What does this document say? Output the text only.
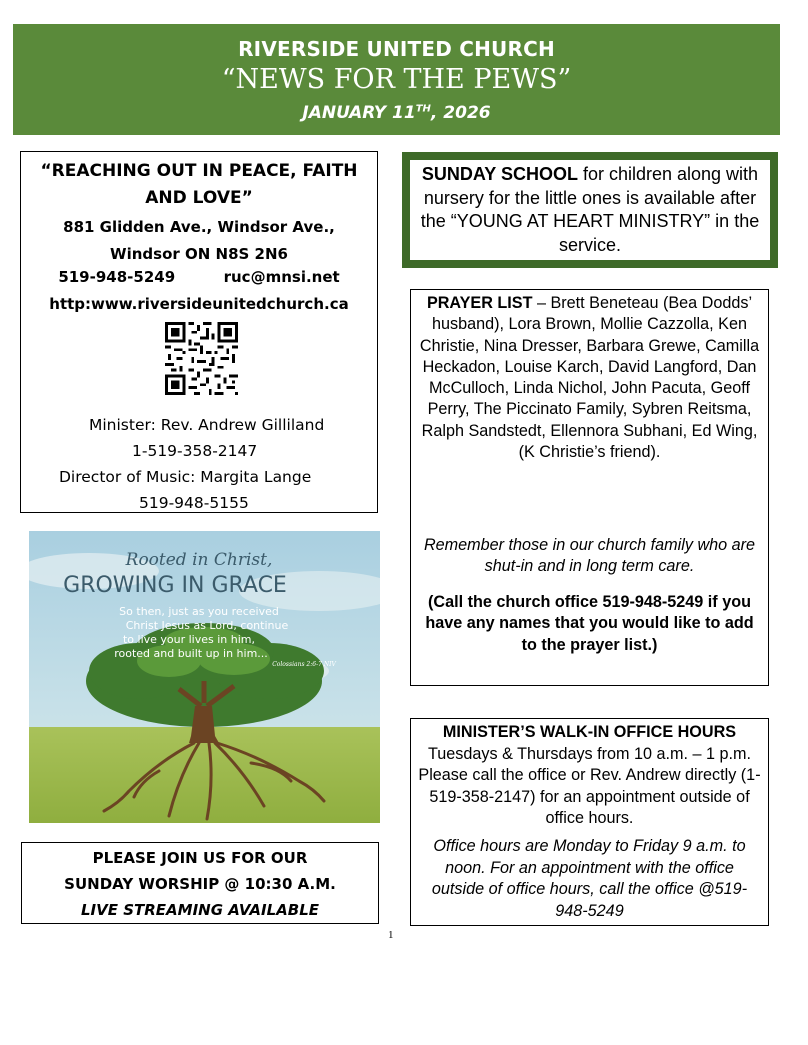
RIVERSIDE UNITED CHURCH
“NEWS FOR THE PEWS”
JANUARY 11TH, 2026
“REACHING OUT IN PEACE, FAITH
AND LOVE”
881 Glidden Ave., Windsor Ave.,
Windsor ON N8S 2N6
519-948-5249	ruc@mnsi.net
http:www.riversideunitedchurch.ca
Minister: Rev. Andrew Gilliland
1-519-358-2147
Director of Music: Margita Lange
519-948-5155
Rooted in Christ,
GROWING IN GRACE
So then, just as you received
Christ Jesus as Lord, continue
to live your lives in him,
rooted and built up in him...
Colossians 2:6-7 NIV
PLEASE JOIN US FOR OUR
SUNDAY WORSHIP @ 10:30 A.M.
LIVE STREAMING AVAILABLE
SUNDAY SCHOOL for children along with nursery for the little ones is available after the “YOUNG AT HEART MINISTRY” in the service.
PRAYER LIST – Brett Beneteau (Bea Dodds’ husband), Lora Brown, Mollie Cazzolla, Ken Christie, Nina Dresser, Barbara Grewe, Camilla Heckadon, Louise Karch, David Langford, Dan McCulloch, Linda Nichol, John Pacuta, Geoff Perry, The Piccinato Family, Sybren Reitsma, Ralph Sandstedt, Ellennora Subhani, Ed Wing, (K Christie’s friend).
Remember those in our church family who are shut-in and in long term care.
(Call the church office 519-948-5249 if you have any names that you would like to add to the prayer list.)
MINISTER’S WALK-IN OFFICE HOURS
Tuesdays & Thursdays from 10 a.m. – 1 p.m. Please call the office or Rev. Andrew directly (1-519-358-2147) for an appointment outside of office hours.
Office hours are Monday to Friday 9 a.m. to noon. For an appointment with the office outside of office hours, call the office @519-948-5249
1
